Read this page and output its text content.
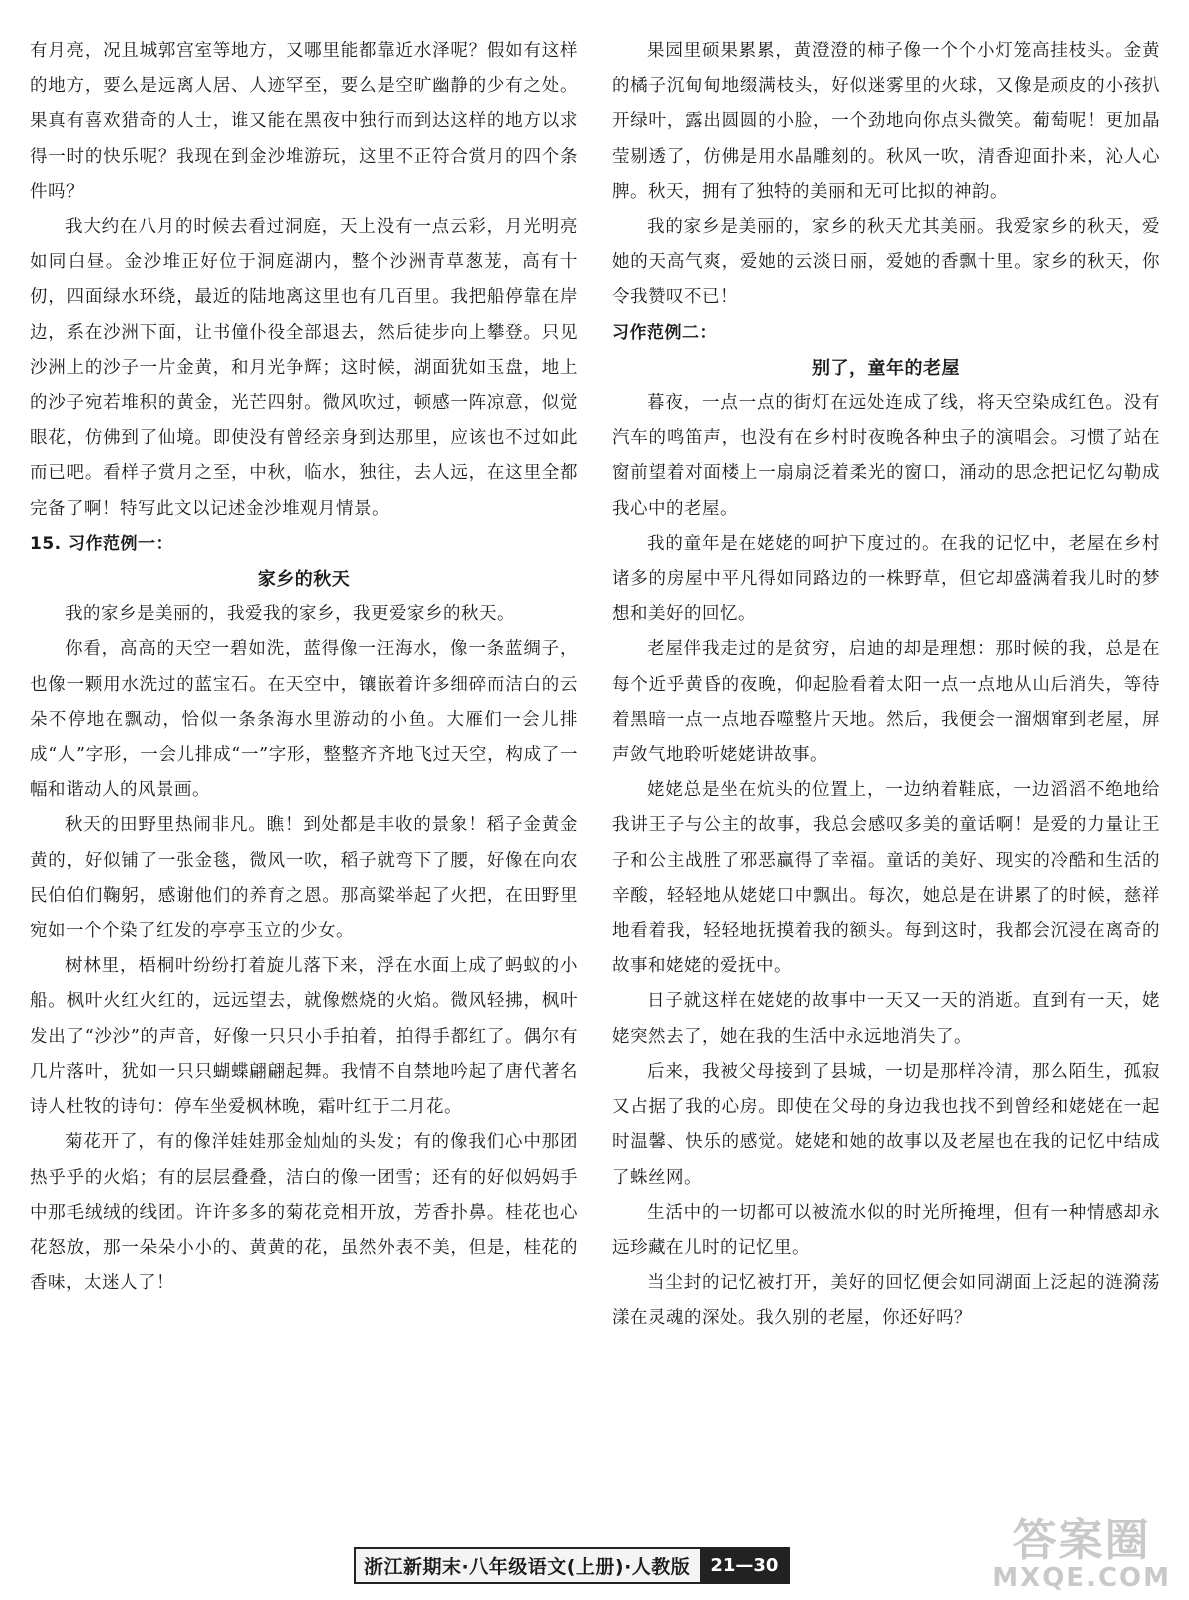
有月亮，况且城郭宫室等地方，又哪里能都靠近水泽呢？假如有这样的地方，要么是远离人居、人迹罕至，要么是空旷幽静的少有之处。果真有喜欢猎奇的人士，谁又能在黑夜中独行而到达这样的地方以求得一时的快乐呢？我现在到金沙堆游玩，这里不正符合赏月的四个条件吗？

我大约在八月的时候去看过洞庭，天上没有一点云彩，月光明亮如同白昼。金沙堆正好位于洞庭湖内，整个沙洲青草葱茏，高有十仞，四面绿水环绕，最近的陆地离这里也有几百里。我把船停靠在岸边，系在沙洲下面，让书僮仆役全部退去，然后徒步向上攀登。只见沙洲上的沙子一片金黄，和月光争辉；这时候，湖面犹如玉盘，地上的沙子宛若堆积的黄金，光芒四射。微风吹过，顿感一阵凉意，似觉眼花，仿佛到了仙境。即使没有曾经亲身到达那里，应该也不过如此而已吧。看样子赏月之至，中秋，临水，独往，去人远，在这里全都完备了啊！特写此文以记述金沙堆观月情景。

15. 习作范例一：

家乡的秋天

我的家乡是美丽的，我爱我的家乡，我更爱家乡的秋天。

你看，高高的天空一碧如洗，蓝得像一汪海水，像一条蓝绸子，也像一颗用水洗过的蓝宝石。在天空中，镶嵌着许多细碎而洁白的云朵不停地在飘动，恰似一条条海水里游动的小鱼。大雁们一会儿排成“人”字形，一会儿排成“一”字形，整整齐齐地飞过天空，构成了一幅和谐动人的风景画。

秋天的田野里热闹非凡。瞧！到处都是丰收的景象！稻子金黄金黄的，好似铺了一张金毯，微风一吹，稻子就弯下了腰，好像在向农民伯伯们鞠躬，感谢他们的养育之恩。那高粱举起了火把，在田野里宛如一个个染了红发的亭亭玉立的少女。

树林里，梧桐叶纷纷打着旋儿落下来，浮在水面上成了蚂蚁的小船。枫叶火红火红的，远远望去，就像燃烧的火焰。微风轻拂，枫叶发出了“沙沙”的声音，好像一只只小手拍着，拍得手都红了。偶尔有几片落叶，犹如一只只蝴蝶翩翩起舞。我情不自禁地吟起了唐代著名诗人杜牧的诗句：停车坐爱枫林晚，霜叶红于二月花。

菊花开了，有的像洋娃娃那金灿灿的头发；有的像我们心中那团热乎乎的火焰；有的层层叠叠，洁白的像一团雪；还有的好似妈妈手中那毛绒绒的线团。许许多多的菊花竞相开放，芳香扑鼻。桂花也心花怒放，那一朵朵小小的、黄黄的花，虽然外表不美，但是，桂花的香味，太迷人了！

果园里硕果累累，黄澄澄的柿子像一个个小灯笼高挂枝头。金黄的橘子沉甸甸地缀满枝头，好似迷雾里的火球，又像是顽皮的小孩扒开绿叶，露出圆圆的小脸，一个劲地向你点头微笑。葡萄呢！更加晶莹剔透了，仿佛是用水晶雕刻的。秋风一吹，清香迎面扑来，沁人心脾。秋天，拥有了独特的美丽和无可比拟的神韵。

我的家乡是美丽的，家乡的秋天尤其美丽。我爱家乡的秋天，爱她的天高气爽，爱她的云淡日丽，爱她的香飘十里。家乡的秋天，你令我赞叹不已！

习作范例二：

别了，童年的老屋

暮夜，一点一点的街灯在远处连成了线，将天空染成红色。没有汽车的鸣笛声，也没有在乡村时夜晚各种虫子的演唱会。习惯了站在窗前望着对面楼上一扇扇泛着柔光的窗口，涌动的思念把记忆勾勒成我心中的老屋。

我的童年是在姥姥的呵护下度过的。在我的记忆中，老屋在乡村诸多的房屋中平凡得如同路边的一株野草，但它却盛满着我儿时的梦想和美好的回忆。

老屋伴我走过的是贫穷，启迪的却是理想：那时候的我，总是在每个近乎黄昏的夜晚，仰起脸看着太阳一点一点地从山后消失，等待着黑暗一点一点地吞噬整片天地。然后，我便会一溜烟窜到老屋，屏声敛气地聆听姥姥讲故事。

姥姥总是坐在炕头的位置上，一边纳着鞋底，一边滔滔不绝地给我讲王子与公主的故事，我总会感叹多美的童话啊！是爱的力量让王子和公主战胜了邪恶赢得了幸福。童话的美好、现实的冷酷和生活的辛酸，轻轻地从姥姥口中飘出。每次，她总是在讲累了的时候，慈祥地看着我，轻轻地抚摸着我的额头。每到这时，我都会沉浸在离奇的故事和姥姥的爱抚中。

日子就这样在姥姥的故事中一天又一天的消逝。直到有一天，姥姥突然去了，她在我的生活中永远地消失了。

后来，我被父母接到了县城，一切是那样冷清，那么陌生，孤寂又占据了我的心房。即使在父母的身边我也找不到曾经和姥姥在一起时温馨、快乐的感觉。姥姥和她的故事以及老屋也在我的记忆中结成了蛛丝网。

生活中的一切都可以被流水似的时光所掩埋，但有一种情感却永远珍藏在儿时的记忆里。

当尘封的记忆被打开，美好的回忆便会如同湖面上泛起的涟漪荡漾在灵魂的深处。我久别的老屋，你还好吗？

浙江新期末·八年级语文(上册)·人教版	21—30	答案圈
MXQE.COM
